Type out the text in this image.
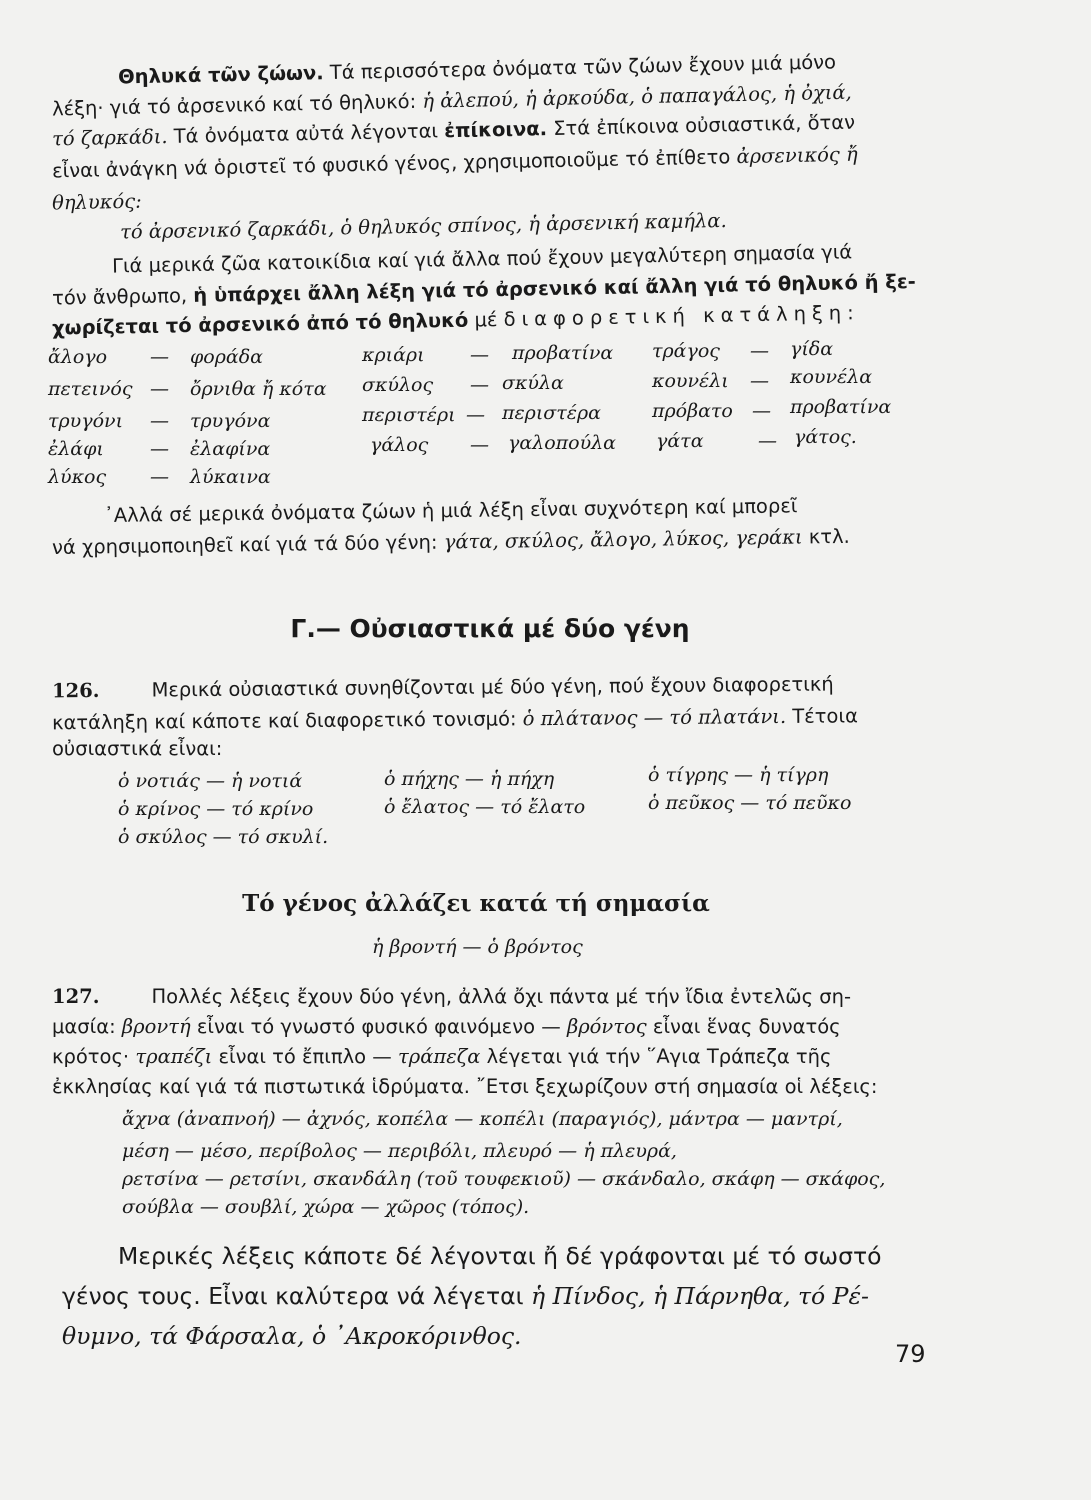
Θηλυκά τῶν ζώων. Τά περισσότερα ὀνόματα τῶν ζώων ἔχουν μιά μόνο
λέξη· γιά τό ἀρσενικό καί τό θηλυκό: ἡ ἀλεπού, ἡ ἀρκούδα, ὁ παπαγάλος, ἡ ὀχιά,
τό ζαρκάδι. Τά ὀνόματα αὐτά λέγονται ἐπίκοινα. Στά ἐπίκοινα οὐσιαστικά, ὅταν
εἶναι ἀνάγκη νά ὁριστεῖ τό φυσικό γένος, χρησιμοποιοῦμε τό ἐπίθετο ἀρσενικός ἤ
θηλυκός:
τό ἀρσενικό ζαρκάδι, ὁ θηλυκός σπίνος, ἡ ἀρσενική καμήλα.
Γιά μερικά ζῶα κατοικίδια καί γιά ἄλλα πού ἔχουν μεγαλύτερη σημασία γιά
τόν ἄνθρωπο, ἡ ὑπάρχει ἄλλη λέξη γιά τό ἀρσενικό καί ἄλλη γιά τό θηλυκό ἤ ξε-
χωρίζεται τό ἀρσενικό ἀπό τό θηλυκό μέ διαφορετική κατάληξη:
ἄλογο — φοράδα
πετεινός — ὄρνιθα ἤ κότα
τρυγόνι — τρυγόνα
ἐλάφι — ἐλαφίνα
λύκος — λύκαινα
κριάρι — προβατίνα
σκύλος — σκύλα
περιστέρι — περιστέρα
γάλος — γαλοπούλα
τράγος — γίδα
κουνέλι — κουνέλα
πρόβατο — προβατίνα
γάτα	— γάτος.
᾽Αλλά σέ μερικά ὀνόματα ζώων ἡ μιά λέξη εἶναι συχνότερη καί μπορεῖ
νά χρησιμοποιηθεῖ καί γιά τά δύο γένη: γάτα, σκύλος, ἄλογο, λύκος, γεράκι κτλ.
Γ.— Οὐσιαστικά μέ δύο γένη
126.	Μερικά οὐσιαστικά συνηθίζονται μέ δύο γένη, πού ἔχουν διαφορετική
κατάληξη καί κάποτε καί διαφορετικό τονισμό: ὁ πλάτανος — τό πλατάνι. Τέτοια
οὐσιαστικά εἶναι:
ὁ νοτιάς — ἡ νοτιά
ὁ κρίνος — τό κρίνο
ὁ σκύλος — τό σκυλί.
ὁ πήχης — ἡ πήχη
ὁ ἔλατος — τό ἔλατο
ὁ τίγρης — ἡ τίγρη
ὁ πεῦκος — τό πεῦκο
Τό γένος ἀλλάζει κατά τή σημασία
ἡ βροντή — ὁ βρόντος
127.	Πολλές λέξεις ἔχουν δύο γένη, ἀλλά ὄχι πάντα μέ τήν ἴδια ἐντελῶς ση-
μασία: βροντή εἶναι τό γνωστό φυσικό φαινόμενο — βρόντος εἶναι ἕνας δυνατός
κρότος· τραπέζι εἶναι τό ἔπιπλο — τράπεζα λέγεται γιά τήν ῞Αγια Τράπεζα τῆς
ἐκκλησίας καί γιά τά πιστωτικά ἱδρύματα. ῎Ετσι ξεχωρίζουν στή σημασία οἱ λέξεις:
ἄχνα (ἀναπνοή) — ἀχνός, κοπέλα — κοπέλι (παραγιός), μάντρα — μαντρί,
μέση — μέσο, περίβολος — περιβόλι, πλευρό — ἡ πλευρά,
ρετσίνα — ρετσίνι, σκανδάλη (τοῦ τουφεκιοῦ) — σκάνδαλο, σκάφη — σκάφος,
σούβλα — σουβλί, χώρα — χῶρος (τόπος).
Μερικές λέξεις κάποτε δέ λέγονται ἤ δέ γράφονται μέ τό σωστό
γένος τους. Εἶναι καλύτερα νά λέγεται ἡ Πίνδος, ἡ Πάρνηθα, τό Ρέ-
θυμνο, τά Φάρσαλα, ὁ ᾽Ακροκόρινθος.
79
